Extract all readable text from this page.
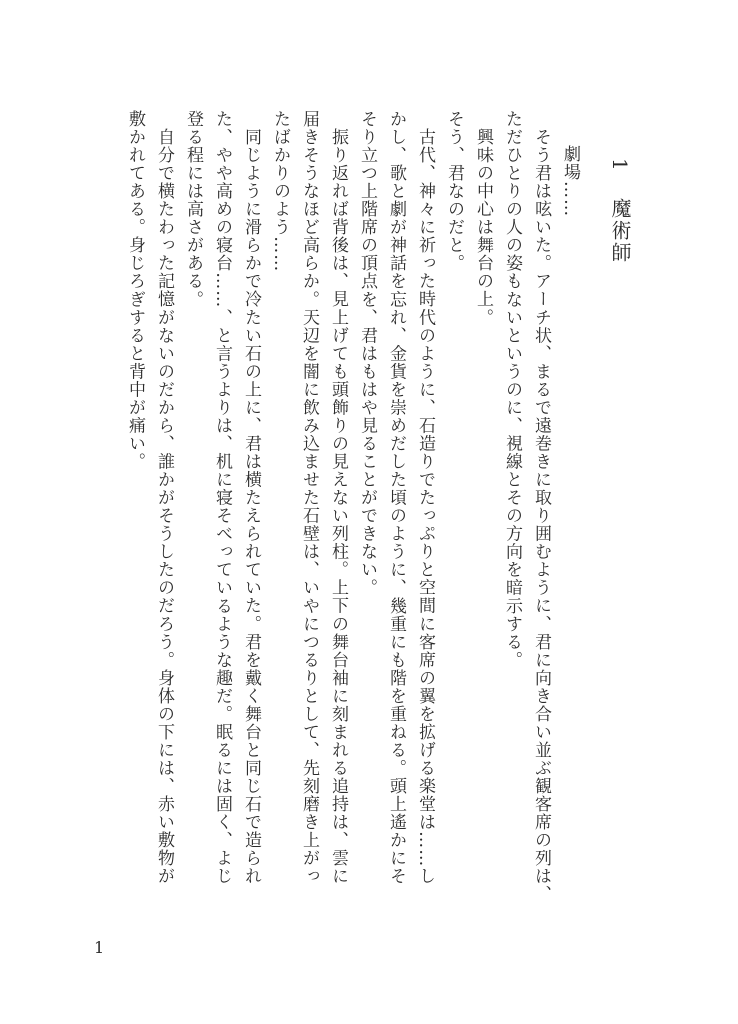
1
魔術師
劇場……
そう君は呟いた。アーチ状、まるで遠巻きに取り囲むように、君に向き合い並ぶ観客席の列は、
ただひとりの人の姿もないというのに、視線とその方向を暗示する。
興味の中心は舞台の上。
そう、君なのだと。
古代、神々に祈った時代のように、石造りでたっぷりと空間に客席の翼を拡げる楽堂は……し
かし、歌と劇が神話を忘れ、金貨を崇めだした頃のように、幾重にも階を重ねる。頭上遙かにそ
そり立つ上階席の頂点を、君はもはや見ることができない。
振り返れば背後は、見上げても頭飾りの見えない列柱。上下の舞台袖に刻まれる追持は、雲に
届きそうなほど高らか。天辺を闇に飲み込ませた石壁は、いやにつるりとして、先刻磨き上がっ
たばかりのよう……
同じように滑らかで冷たい石の上に、君は横たえられていた。君を戴く舞台と同じ石で造られ
た、やや高めの寝台……、と言うよりは、机に寝そべっているような趣だ。眠るには固く、よじ
登る程には高さがある。
自分で横たわった記憶がないのだから、誰かがそうしたのだろう。身体の下には、赤い敷物が
敷かれてある。身じろぎすると背中が痛い。
1
